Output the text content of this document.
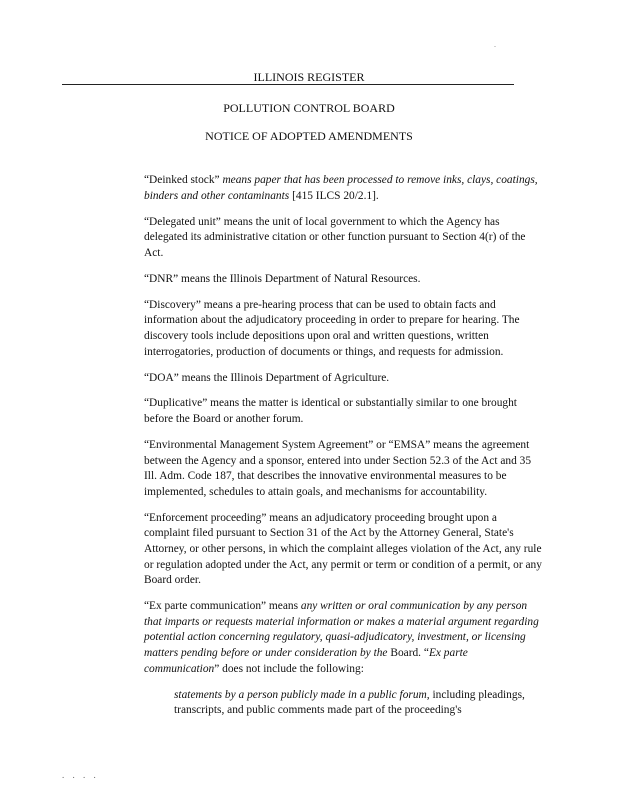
.
ILLINOIS REGISTER
POLLUTION CONTROL BOARD
NOTICE OF ADOPTED AMENDMENTS

“Deinked stock” means paper that has been processed to remove inks, clays, coatings, binders and other contaminants [415 ILCS 20/2.1].

“Delegated unit” means the unit of local government to which the Agency has delegated its administrative citation or other function pursuant to Section 4(r) of the Act.

“DNR” means the Illinois Department of Natural Resources.

“Discovery” means a pre-hearing process that can be used to obtain facts and information about the adjudicatory proceeding in order to prepare for hearing. The discovery tools include depositions upon oral and written questions, written interrogatories, production of documents or things, and requests for admission.

“DOA” means the Illinois Department of Agriculture.

“Duplicative” means the matter is identical or substantially similar to one brought before the Board or another forum.

“Environmental Management System Agreement” or “EMSA” means the agreement between the Agency and a sponsor, entered into under Section 52.3 of the Act and 35 Ill. Adm. Code 187, that describes the innovative environmental measures to be implemented, schedules to attain goals, and mechanisms for accountability.

“Enforcement proceeding” means an adjudicatory proceeding brought upon a complaint filed pursuant to Section 31 of the Act by the Attorney General, State's Attorney, or other persons, in which the complaint alleges violation of the Act, any rule or regulation adopted under the Act, any permit or term or condition of a permit, or any Board order.

“Ex parte communication” means any written or oral communication by any person that imparts or requests material information or makes a material argument regarding potential action concerning regulatory, quasi-adjudicatory, investment, or licensing matters pending before or under consideration by the Board. “Ex parte communication” does not include the following:

statements by a person publicly made in a public forum, including pleadings, transcripts, and public comments made part of the proceeding's

. . . .
